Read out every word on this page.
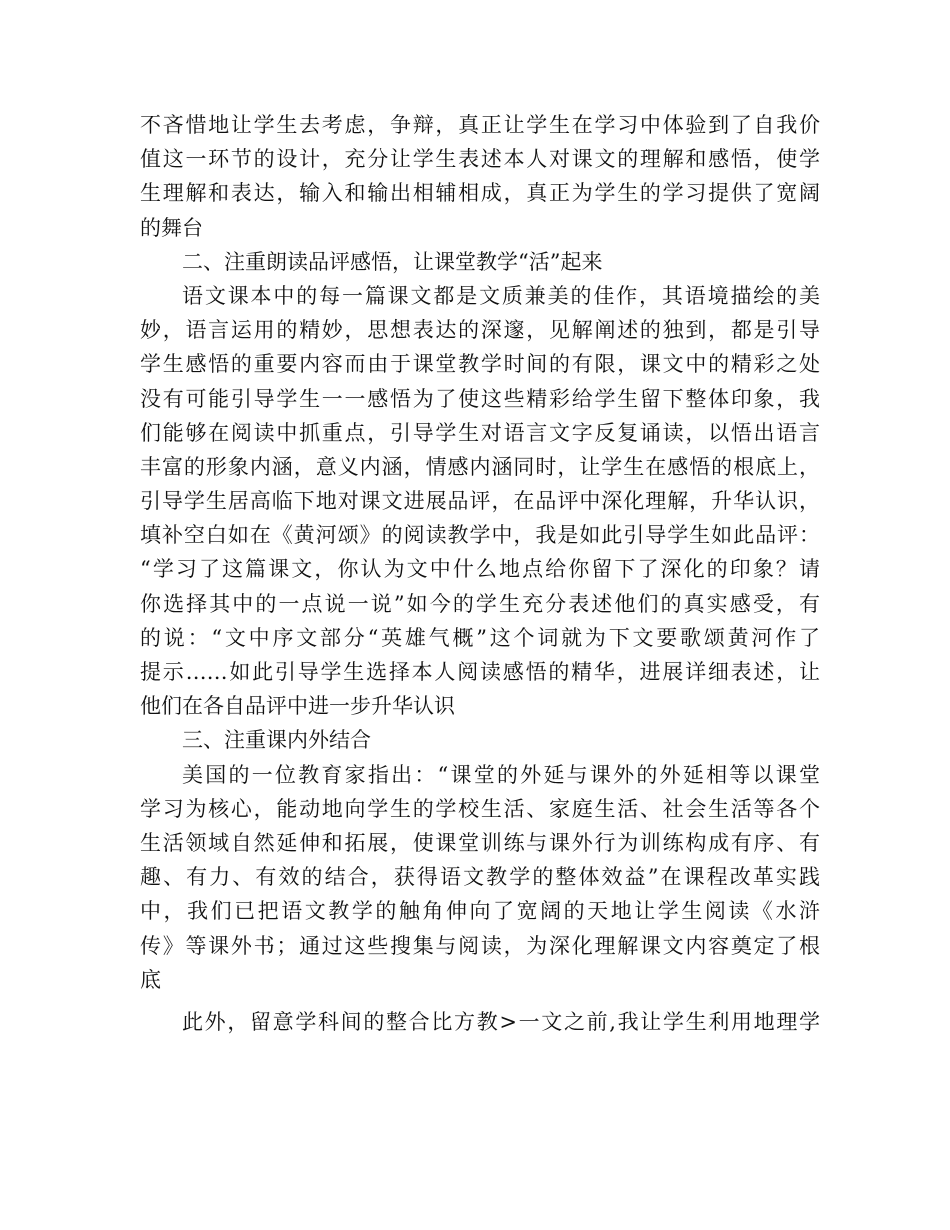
不吝惜地让学生去考虑，争辩，真正让学生在学习中体验到了自我价
值这一环节的设计，充分让学生表述本人对课文的理解和感悟，使学
生理解和表达，输入和输出相辅相成，真正为学生的学习提供了宽阔
的舞台
二、注重朗读品评感悟，让课堂教学“活”起来
语文课本中的每一篇课文都是文质兼美的佳作，其语境描绘的美
妙，语言运用的精妙，思想表达的深邃，见解阐述的独到，都是引导
学生感悟的重要内容而由于课堂教学时间的有限，课文中的精彩之处
没有可能引导学生一一感悟为了使这些精彩给学生留下整体印象，我
们能够在阅读中抓重点，引导学生对语言文字反复诵读，以悟出语言
丰富的形象内涵，意义内涵，情感内涵同时，让学生在感悟的根底上，
引导学生居高临下地对课文进展品评，在品评中深化理解，升华认识，
填补空白如在《黄河颂》的阅读教学中，我是如此引导学生如此品评：
“学习了这篇课文，你认为文中什么地点给你留下了深化的印象？请
你选择其中的一点说一说”如今的学生充分表述他们的真实感受，有
的说：“文中序文部分“英雄气概”这个词就为下文要歌颂黄河作了
提示……如此引导学生选择本人阅读感悟的精华，进展详细表述，让
他们在各自品评中进一步升华认识
三、注重课内外结合
美国的一位教育家指出：“课堂的外延与课外的外延相等以课堂
学习为核心，能动地向学生的学校生活、家庭生活、社会生活等各个
生活领域自然延伸和拓展，使课堂训练与课外行为训练构成有序、有
趣、有力、有效的结合，获得语文教学的整体效益”在课程改革实践
中，我们已把语文教学的触角伸向了宽阔的天地让学生阅读《水浒
传》等课外书；通过这些搜集与阅读，为深化理解课文内容奠定了根
底
此外，留意学科间的整合比方教>一文之前,我让学生利用地理学
